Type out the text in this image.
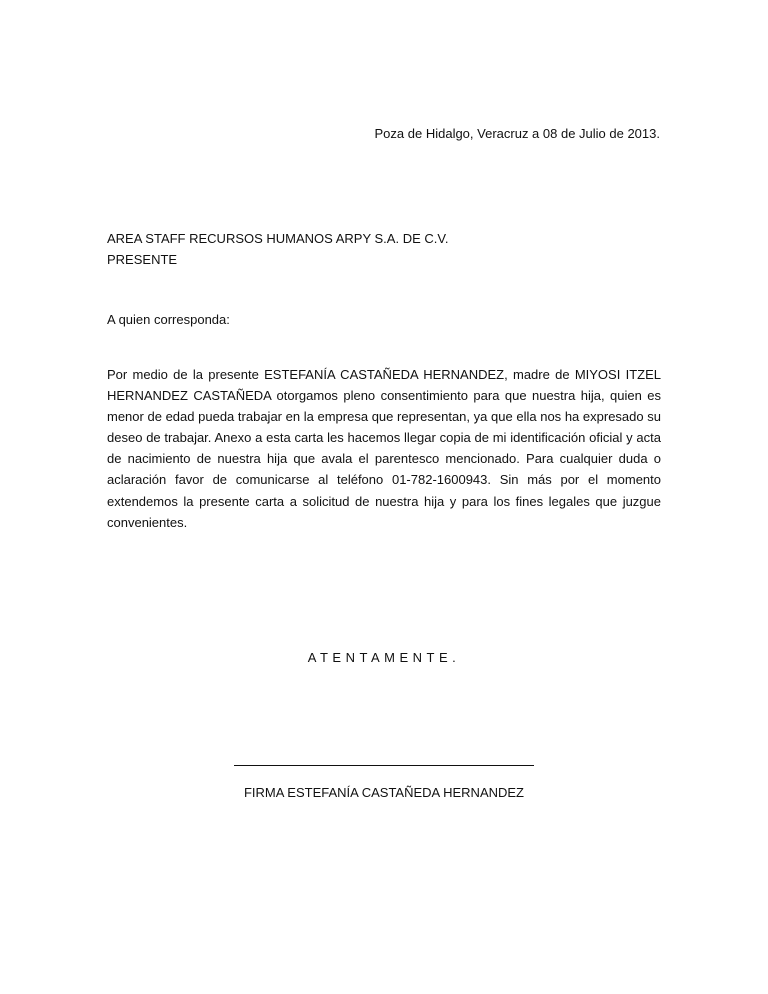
Poza de Hidalgo, Veracruz a 08 de Julio de 2013.
AREA STAFF RECURSOS HUMANOS ARPY S.A. DE C.V.
PRESENTE
A quien corresponda:
Por medio de la presente ESTEFANÍA CASTAÑEDA HERNANDEZ, madre de MIYOSI ITZEL HERNANDEZ CASTAÑEDA otorgamos pleno consentimiento para que nuestra hija, quien es menor de edad pueda trabajar en la empresa que representan, ya que ella nos ha expresado su deseo de trabajar. Anexo a esta carta les hacemos llegar copia de mi identificación oficial y acta de nacimiento de nuestra hija que avala el parentesco mencionado. Para cualquier duda o aclaración favor de comunicarse al teléfono 01-782-1600943. Sin más por el momento extendemos la presente carta a solicitud de nuestra hija y para los fines legales que juzgue convenientes.
ATENTAMENTE.
FIRMA ESTEFANÍA CASTAÑEDA HERNANDEZ
